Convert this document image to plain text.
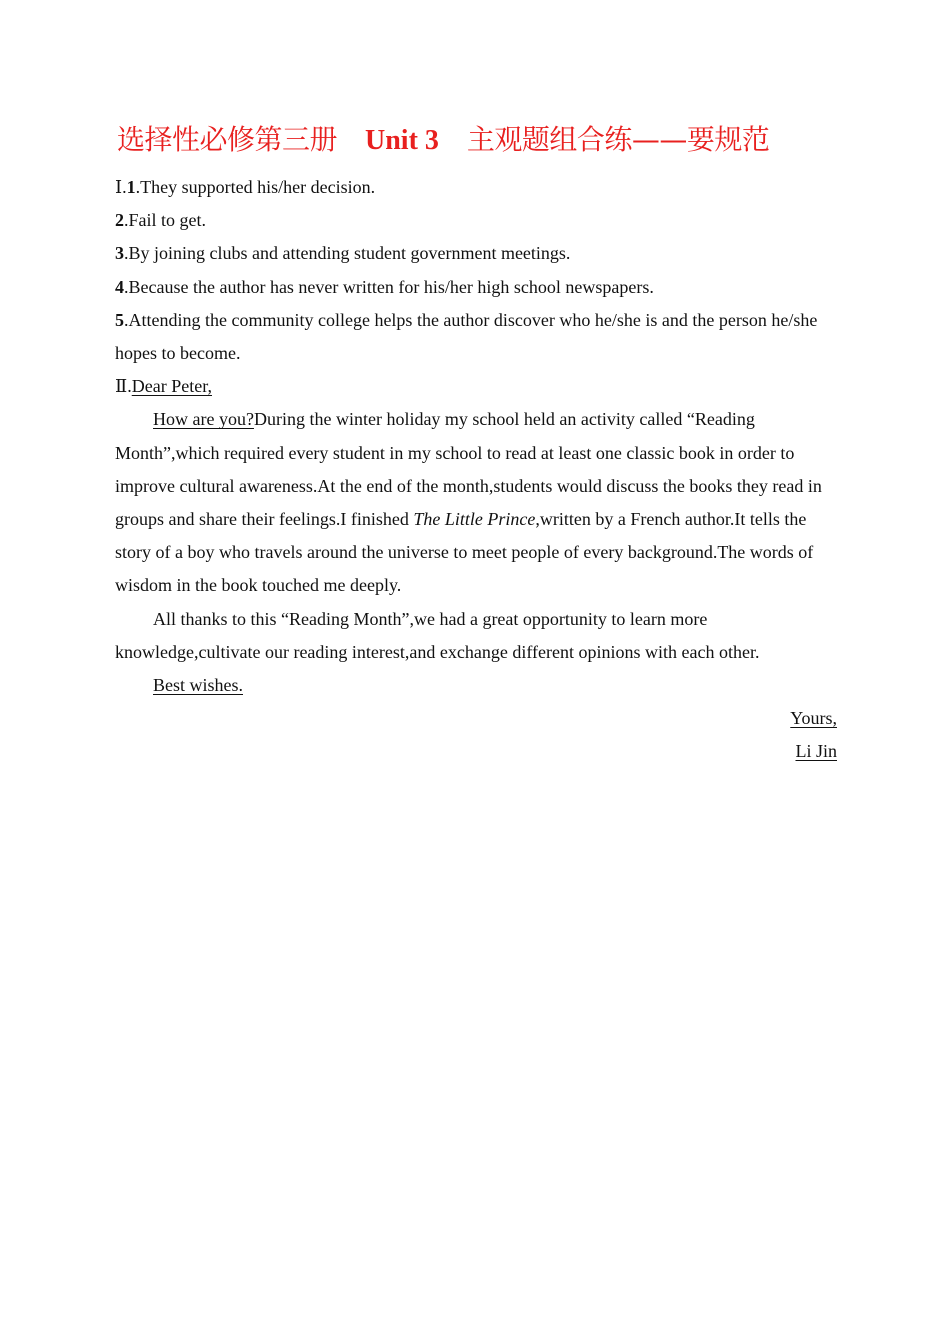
选择性必修第三册 Unit 3 主观题组合练——要规范

Ⅰ.1.They supported his/her decision.

2.Fail to get.

3.By joining clubs and attending student government meetings.

4.Because the author has never written for his/her high school newspapers.

5.Attending the community college helps the author discover who he/she is and the person he/she hopes to become.

Ⅱ.Dear Peter,

How are you?During the winter holiday my school held an activity called “Reading Month”,which required every student in my school to read at least one classic book in order to improve cultural awareness.At the end of the month,students would discuss the books they read in groups and share their feelings.I finished The Little Prince,written by a French author.It tells the story of a boy who travels around the universe to meet people of every background.The words of wisdom in the book touched me deeply.

All thanks to this “Reading Month”,we had a great opportunity to learn more knowledge,cultivate our reading interest,and exchange different opinions with each other.

Best wishes.

Yours,

Li Jin
